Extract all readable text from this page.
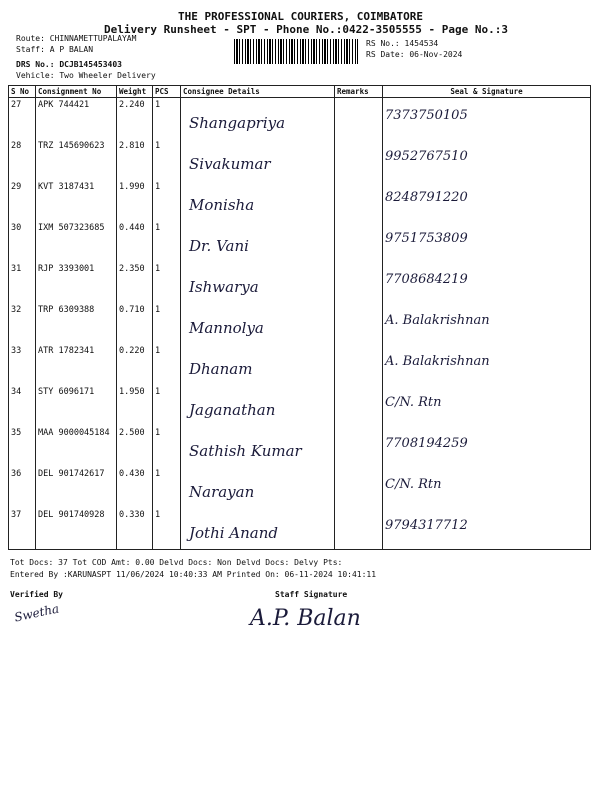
THE PROFESSIONAL COURIERS, COIMBATORE
Delivery Runsheet - SPT - Phone No.:0422-3505555 - Page No.:3
Route: CHINNAMETTUPALAYAM
Staff: A P BALAN
DRS No.: DCJB145453403
Vehicle: Two Wheeler Delivery
RS No.: 1454534
RS Date: 06-Nov-2024
S No	Consignment No	Weight	PCS	Consignee Details	Remarks	Seal & Signature
27	APK 744421	2.240	1	Shangapriya		7373750105
28	TRZ 145690623	2.810	1	Sivakumar		9952767510
29	KVT 3187431	1.990	1	Monisha		8248791220
30	IXM 507323685	0.440	1	Dr. Vani		9751753809
31	RJP 3393001	2.350	1	Ishwarya		7708684219
32	TRP 6309388	0.710	1	Mannolya		A. Balakrishnan
33	ATR 1782341	0.220	1	Dhanam		A. Balakrishnan
34	STY 6096171	1.950	1	Jaganathan		C/N. Rtn
35	MAA 9000045184	2.500	1	Sathish Kumar		7708194259
36	DEL 901742617	0.430	1	Narayan		C/N. Rtn
37	DEL 901740928	0.330	1	Jothi Anand		9794317712
Tot Docs: 37 Tot COD Amt: 0.00 Delvd Docs: Non Delvd Docs: Delvy Pts:
Entered By :KARUNASPT 11/06/2024 10:40:33 AM Printed On: 06-11-2024 10:41:11
Verified By	Staff Signature
Swetha	A.P. Balan
